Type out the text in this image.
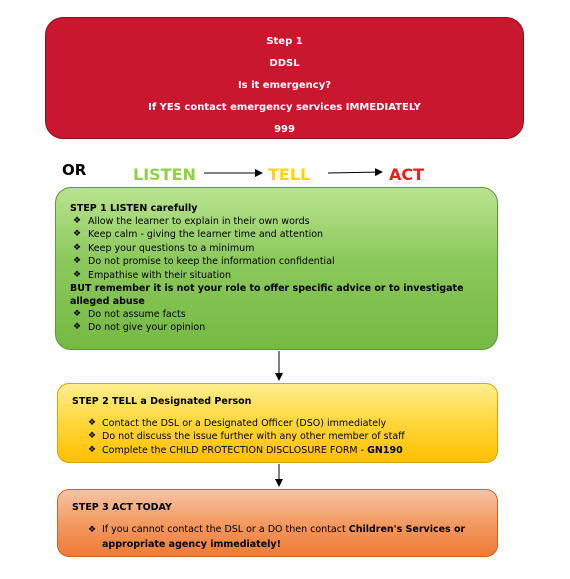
Step 1
DDSL
Is it emergency?
If YES contact emergency services IMMEDIATELY
999
OR	LISTEN	TELL	ACT
STEP 1 LISTEN carefully
❖ Allow the learner to explain in their own words
❖ Keep calm - giving the learner time and attention
❖ Keep your questions to a minimum
❖ Do not promise to keep the information confidential
❖ Empathise with their situation
BUT remember it is not your role to offer specific advice or to investigate alleged abuse
❖ Do not assume facts
❖ Do not give your opinion
STEP 2 TELL a Designated Person
❖ Contact the DSL or a Designated Officer (DSO) immediately
❖ Do not discuss the issue further with any other member of staff
❖ Complete the CHILD PROTECTION DISCLOSURE FORM - GN190
STEP 3 ACT TODAY
❖ If you cannot contact the DSL or a DO then contact Children's Services or appropriate agency immediately!
